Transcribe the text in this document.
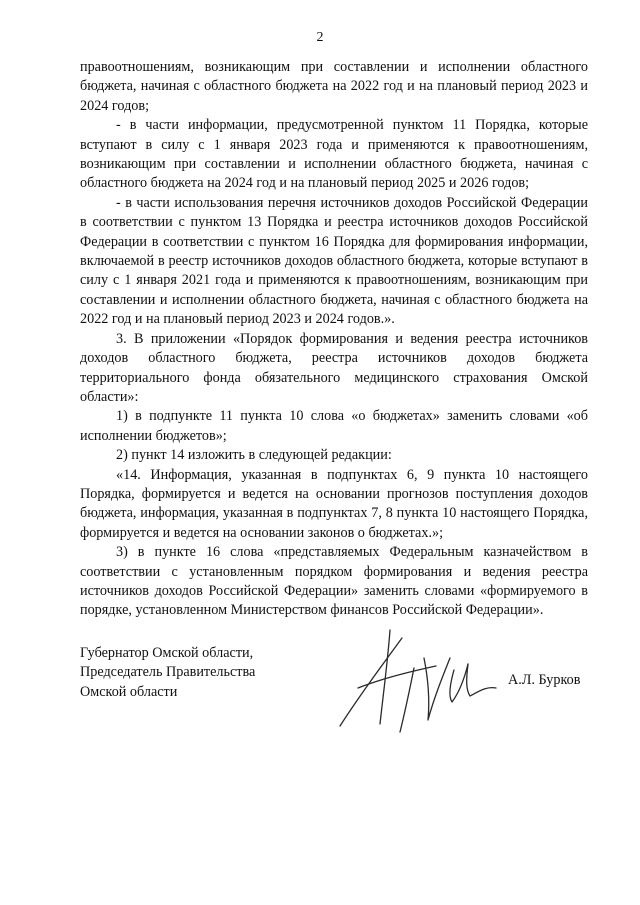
2

правоотношениям, возникающим при составлении и исполнении областного бюджета, начиная с областного бюджета на 2022 год и на плановый период 2023 и 2024 годов;

- в части информации, предусмотренной пунктом 11 Порядка, которые вступают в силу с 1 января 2023 года и применяются к правоотношениям, возникающим при составлении и исполнении областного бюджета, начиная с областного бюджета на 2024 год и на плановый период 2025 и 2026 годов;

- в части использования перечня источников доходов Российской Федерации в соответствии с пунктом 13 Порядка и реестра источников доходов Российской Федерации в соответствии с пунктом 16 Порядка для формирования информации, включаемой в реестр источников доходов областного бюджета, которые вступают в силу с 1 января 2021 года и применяются к правоотношениям, возникающим при составлении и исполнении областного бюджета, начиная с областного бюджета на 2022 год и на плановый период 2023 и 2024 годов.».

3. В приложении «Порядок формирования и ведения реестра источников доходов областного бюджета, реестра источников доходов бюджета территориального фонда обязательного медицинского страхования Омской области»:

1) в подпункте 11 пункта 10 слова «о бюджетах» заменить словами «об исполнении бюджетов»;

2) пункт 14 изложить в следующей редакции:

«14. Информация, указанная в подпунктах 6, 9 пункта 10 настоящего Порядка, формируется и ведется на основании прогнозов поступления доходов бюджета, информация, указанная в подпунктах 7, 8 пункта 10 настоящего Порядка, формируется и ведется на основании законов о бюджетах.»;

3) в пункте 16 слова «представляемых Федеральным казначейством в соответствии с установленным порядком формирования и ведения реестра источников доходов Российской Федерации» заменить словами «формируемого в порядке, установленном Министерством финансов Российской Федерации».

Губернатор Омской области,
Председатель Правительства
Омской области
А.Л. Бурков
